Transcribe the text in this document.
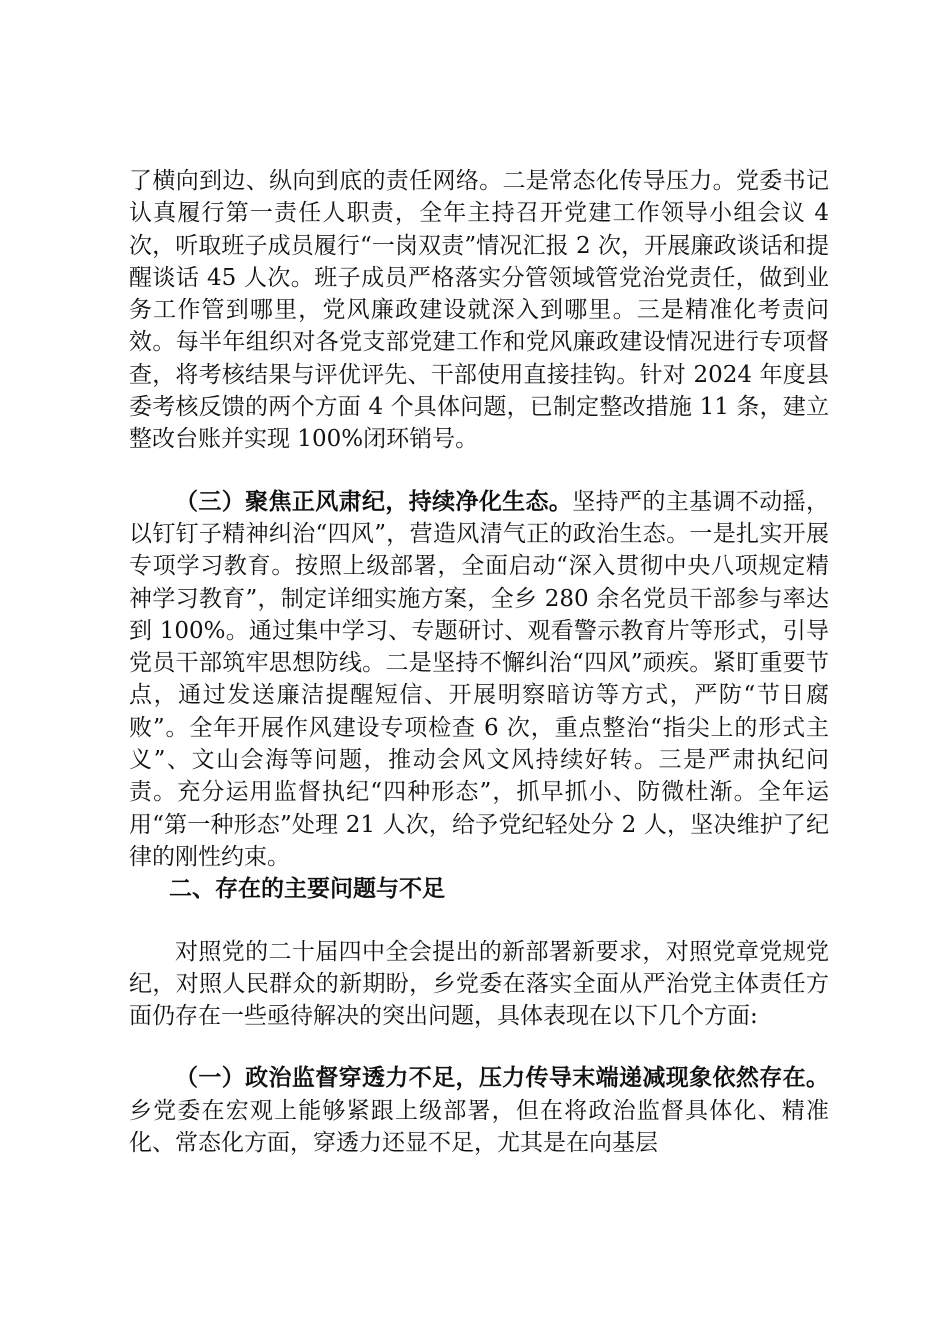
了横向到边、纵向到底的责任网络。二是常态化传导压力。党委书记认真履行第一责任人职责，全年主持召开党建工作领导小组会议 4 次，听取班子成员履行“一岗双责”情况汇报 2 次，开展廉政谈话和提醒谈话 45 人次。班子成员严格落实分管领域管党治党责任，做到业务工作管到哪里，党风廉政建设就深入到哪里。三是精准化考责问效。每半年组织对各党支部党建工作和党风廉政建设情况进行专项督查，将考核结果与评优评先、干部使用直接挂钩。针对 2024 年度县委考核反馈的两个方面 4 个具体问题，已制定整改措施 11 条，建立整改台账并实现 100%闭环销号。

（三）聚焦正风肃纪，持续净化生态。坚持严的主基调不动摇，以钉钉子精神纠治“四风”，营造风清气正的政治生态。一是扎实开展专项学习教育。按照上级部署，全面启动“深入贯彻中央八项规定精神学习教育”，制定详细实施方案，全乡 280 余名党员干部参与率达到 100%。通过集中学习、专题研讨、观看警示教育片等形式，引导党员干部筑牢思想防线。二是坚持不懈纠治“四风”顽疾。紧盯重要节点，通过发送廉洁提醒短信、开展明察暗访等方式，严防“节日腐败”。全年开展作风建设专项检查 6 次，重点整治“指尖上的形式主义”、文山会海等问题，推动会风文风持续好转。三是严肃执纪问责。充分运用监督执纪“四种形态”，抓早抓小、防微杜渐。全年运用“第一种形态”处理 21 人次，给予党纪轻处分 2 人，坚决维护了纪律的刚性约束。

二、存在的主要问题与不足

对照党的二十届四中全会提出的新部署新要求，对照党章党规党纪，对照人民群众的新期盼，乡党委在落实全面从严治党主体责任方面仍存在一些亟待解决的突出问题，具体表现在以下几个方面:

（一）政治监督穿透力不足，压力传导末端递减现象依然存在。乡党委在宏观上能够紧跟上级部署，但在将政治监督具体化、精准化、常态化方面，穿透力还显不足，尤其是在向基层
